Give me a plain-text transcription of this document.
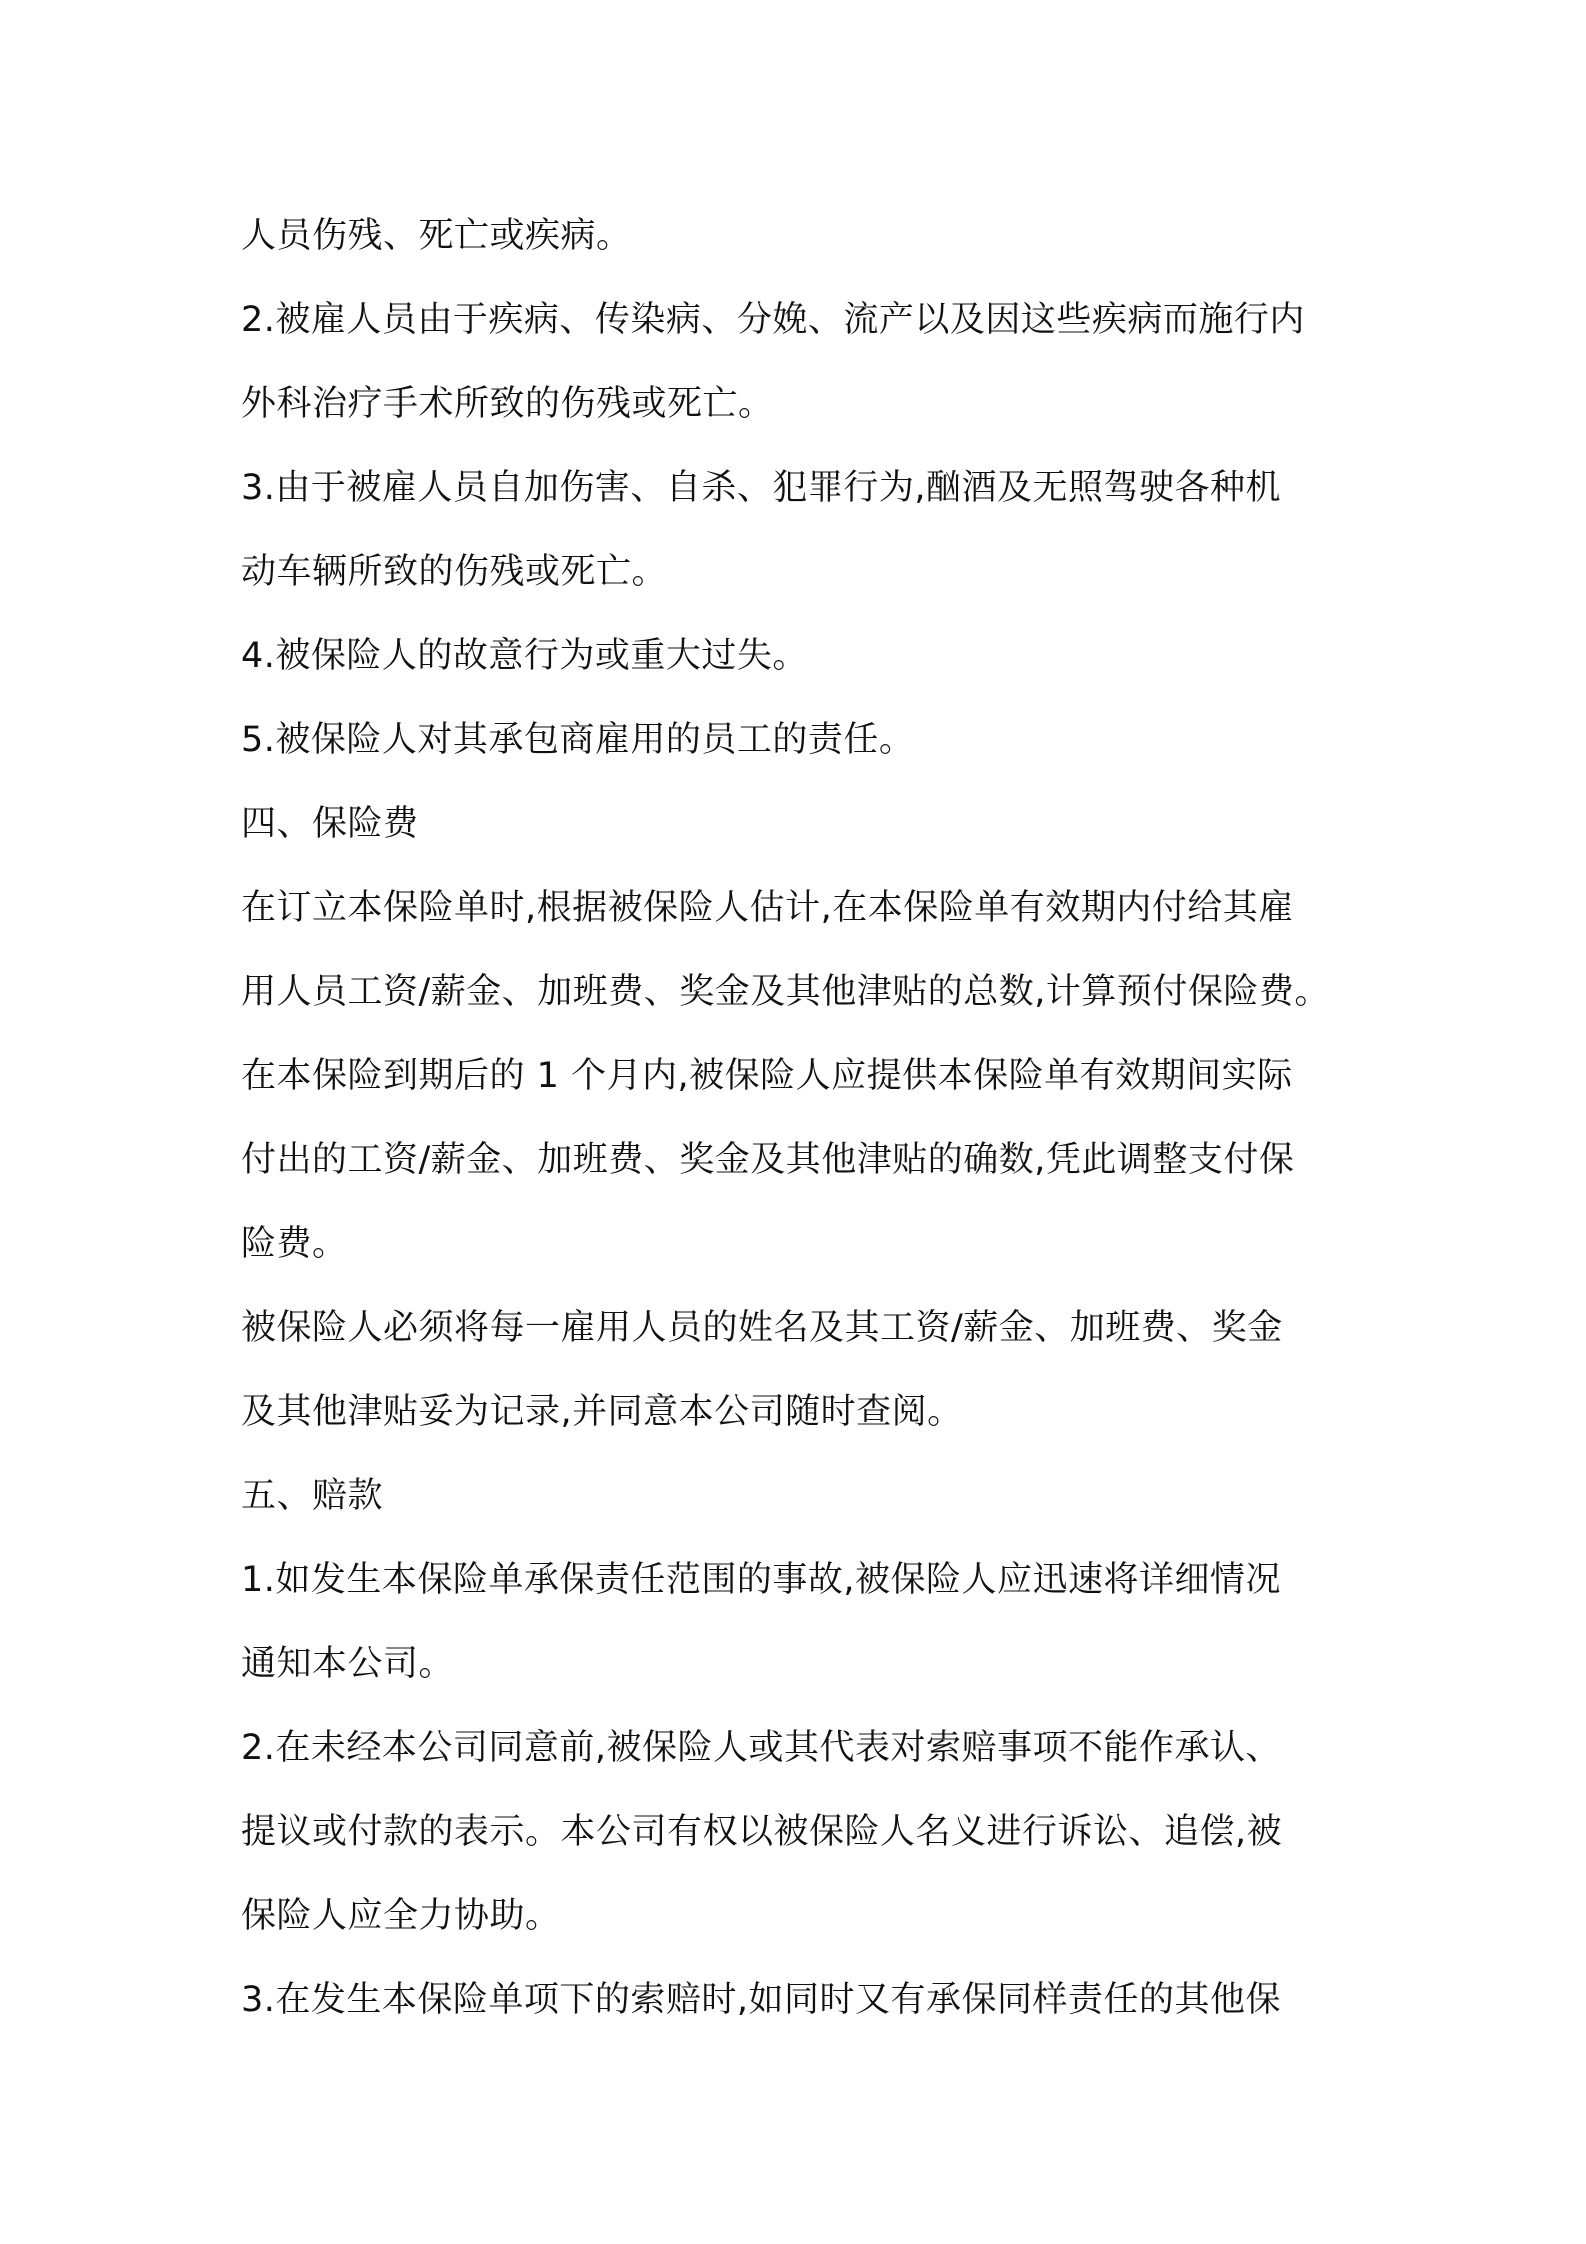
人员伤残、死亡或疾病。
2.被雇人员由于疾病、传染病、分娩、流产以及因这些疾病而施行内
外科治疗手术所致的伤残或死亡。
3.由于被雇人员自加伤害、自杀、犯罪行为,酗酒及无照驾驶各种机
动车辆所致的伤残或死亡。
4.被保险人的故意行为或重大过失。
5.被保险人对其承包商雇用的员工的责任。
四、保险费
在订立本保险单时,根据被保险人估计,在本保险单有效期内付给其雇
用人员工资/薪金、加班费、奖金及其他津贴的总数,计算预付保险费。
在本保险到期后的 1 个月内,被保险人应提供本保险单有效期间实际
付出的工资/薪金、加班费、奖金及其他津贴的确数,凭此调整支付保
险费。
被保险人必须将每一雇用人员的姓名及其工资/薪金、加班费、奖金
及其他津贴妥为记录,并同意本公司随时查阅。
五、赔款
1.如发生本保险单承保责任范围的事故,被保险人应迅速将详细情况
通知本公司。
2.在未经本公司同意前,被保险人或其代表对索赔事项不能作承认、
提议或付款的表示。本公司有权以被保险人名义进行诉讼、追偿,被
保险人应全力协助。
3.在发生本保险单项下的索赔时,如同时又有承保同样责任的其他保
